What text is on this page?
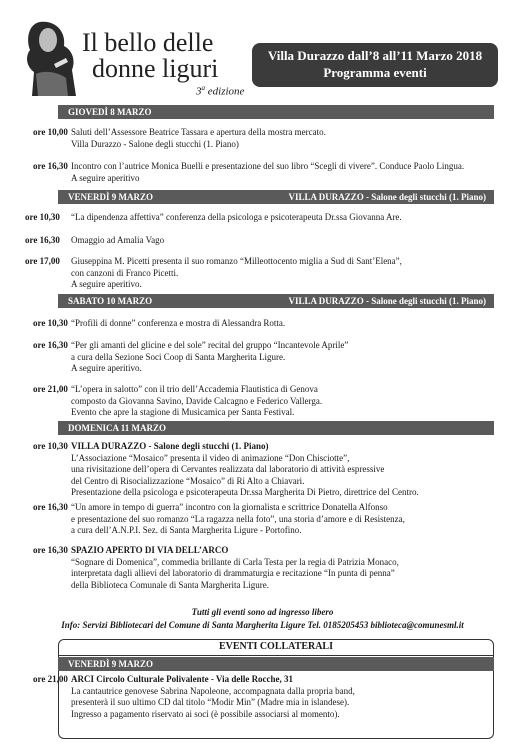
Il bello delle
donne liguri
3$^a$ edizione
Villa Durazzo dall’8 all’11 Marzo 2018
Programma eventi
GIOVEDÌ 8 MARZO
ore 10,00 Saluti dell’Assessore Beatrice Tassara e apertura della mostra mercato.
Villa Durazzo - Salone degli stucchi (1. Piano)
ore 16,30 Incontro con l’autrice Monica Buelli e presentazione del suo libro “Scegli di vivere”. Conduce Paolo Lingua.
A seguire aperitivo
VENERDÌ 9 MARZO	VILLA DURAZZO - Salone degli stucchi (1. Piano)
ore 10,30 “La dipendenza affettiva” conferenza della psicologa e psicoterapeuta Dr.ssa Giovanna Are.
ore 16,30 Omaggio ad Amalia Vago
ore 17,00 Giuseppina M. Picetti presenta il suo romanzo “Milleottocento miglia a Sud di Sant’Elena”,
con canzoni di Franco Picetti.
A seguire aperitivo.
SABATO 10 MARZO	VILLA DURAZZO - Salone degli stucchi (1. Piano)
ore 10,30 “Profili di donne” conferenza e mostra di Alessandra Rotta.
ore 16,30 “Per gli amanti del glicine e del sole” recital del gruppo “Incantevole Aprile”
a cura della Sezione Soci Coop di Santa Margherita Ligure.
A seguire aperitivo.
ore 21,00 “L’opera in salotto” con il trio dell’Accademia Flautistica di Genova
composto da Giovanna Savino, Davide Calcagno e Federico Vallerga.
Evento che apre la stagione di Musicamica per Santa Festival.
DOMENICA 11 MARZO
ore 10,30 VILLA DURAZZO - Salone degli stucchi (1. Piano)
L’Associazione “Mosaico” presenta il video di animazione “Don Chisciotte”,
una rivisitazione dell’opera di Cervantes realizzata dal laboratorio di attività espressive
del Centro di Risocializzazione “Mosaico” di Ri Alto a Chiavari.
Presentazione della psicologa e psicoterapeuta Dr.ssa Margherita Di Pietro, direttrice del Centro.
ore 16,30 “Un amore in tempo di guerra” incontro con la giornalista e scrittrice Donatella Alfonso
e presentazione del suo romanzo “La ragazza nella foto”, una storia d’amore e di Resistenza,
a cura dell’A.N.P.I. Sez. di Santa Margherita Ligure - Portofino.
ore 16,30 SPAZIO APERTO DI VIA DELL’ARCO
“Sognare di Domenica”, commedia brillante di Carla Testa per la regia di Patrizia Monaco,
interpretata dagli allievi del laboratorio di drammaturgia e recitazione “In punta di penna”
della Biblioteca Comunale di Santa Margherita Ligure.
Tutti gli eventi sono ad ingresso libero
Info: Servizi Bibliotecari del Comune di Santa Margherita Ligure Tel. 0185205453 biblioteca@comunesml.it
EVENTI COLLATERALI
VENERDÌ 9 MARZO
ore 21,00 ARCI Circolo Culturale Polivalente - Via delle Rocche, 31
La cantautrice genovese Sabrina Napoleone, accompagnata dalla propria band,
presenterà il suo ultimo CD dal titolo “Modir Min” (Madre mia in islandese).
Ingresso a pagamento riservato ai soci (è possibile associarsi al momento).
